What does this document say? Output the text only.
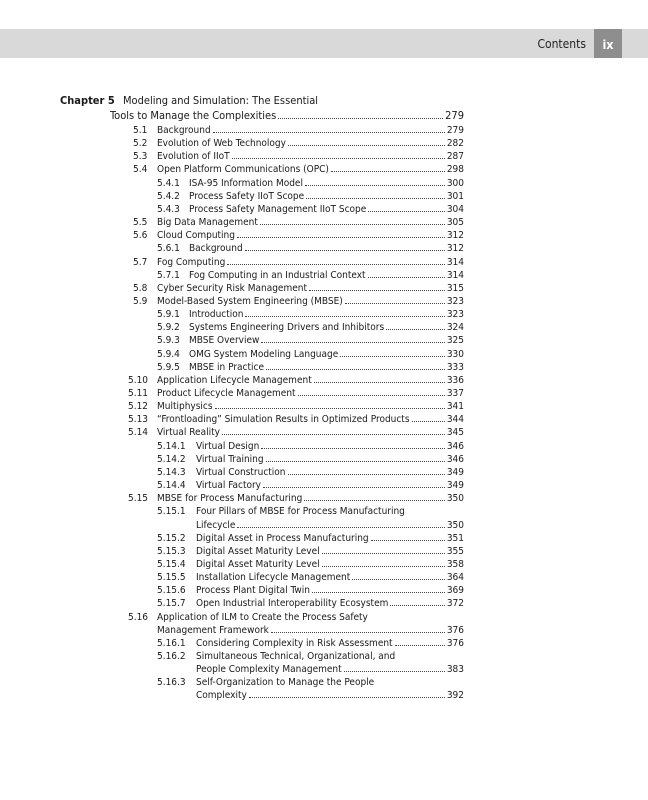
Contents	ix
Chapter 5 Modeling and Simulation: The Essential
Tools to Manage the Complexities	279
5.1 Background	279
5.2 Evolution of Web Technology	282
5.3 Evolution of IIoT	287
5.4 Open Platform Communications (OPC)	298
5.4.1 ISA-95 Information Model	300
5.4.2 Process Safety IIoT Scope	301
5.4.3 Process Safety Management IIoT Scope	304
5.5 Big Data Management	305
5.6 Cloud Computing	312
5.6.1 Background	312
5.7 Fog Computing	314
5.7.1 Fog Computing in an Industrial Context	314
5.8 Cyber Security Risk Management	315
5.9 Model-Based System Engineering (MBSE)	323
5.9.1 Introduction	323
5.9.2 Systems Engineering Drivers and Inhibitors	324
5.9.3 MBSE Overview	325
5.9.4 OMG System Modeling Language	330
5.9.5 MBSE in Practice	333
5.10 Application Lifecycle Management	336
5.11 Product Lifecycle Management	337
5.12 Multiphysics	341
5.13 “Frontloading” Simulation Results in Optimized Products	344
5.14 Virtual Reality	345
5.14.1 Virtual Design	346
5.14.2 Virtual Training	346
5.14.3 Virtual Construction	349
5.14.4 Virtual Factory	349
5.15 MBSE for Process Manufacturing	350
5.15.1 Four Pillars of MBSE for Process Manufacturing
Lifecycle	350
5.15.2 Digital Asset in Process Manufacturing	351
5.15.3 Digital Asset Maturity Level	355
5.15.4 Digital Asset Maturity Level	358
5.15.5 Installation Lifecycle Management	364
5.15.6 Process Plant Digital Twin	369
5.15.7 Open Industrial Interoperability Ecosystem	372
5.16 Application of ILM to Create the Process Safety
Management Framework	376
5.16.1 Considering Complexity in Risk Assessment	376
5.16.2 Simultaneous Technical, Organizational, and
People Complexity Management	383
5.16.3 Self-Organization to Manage the People
Complexity	392
